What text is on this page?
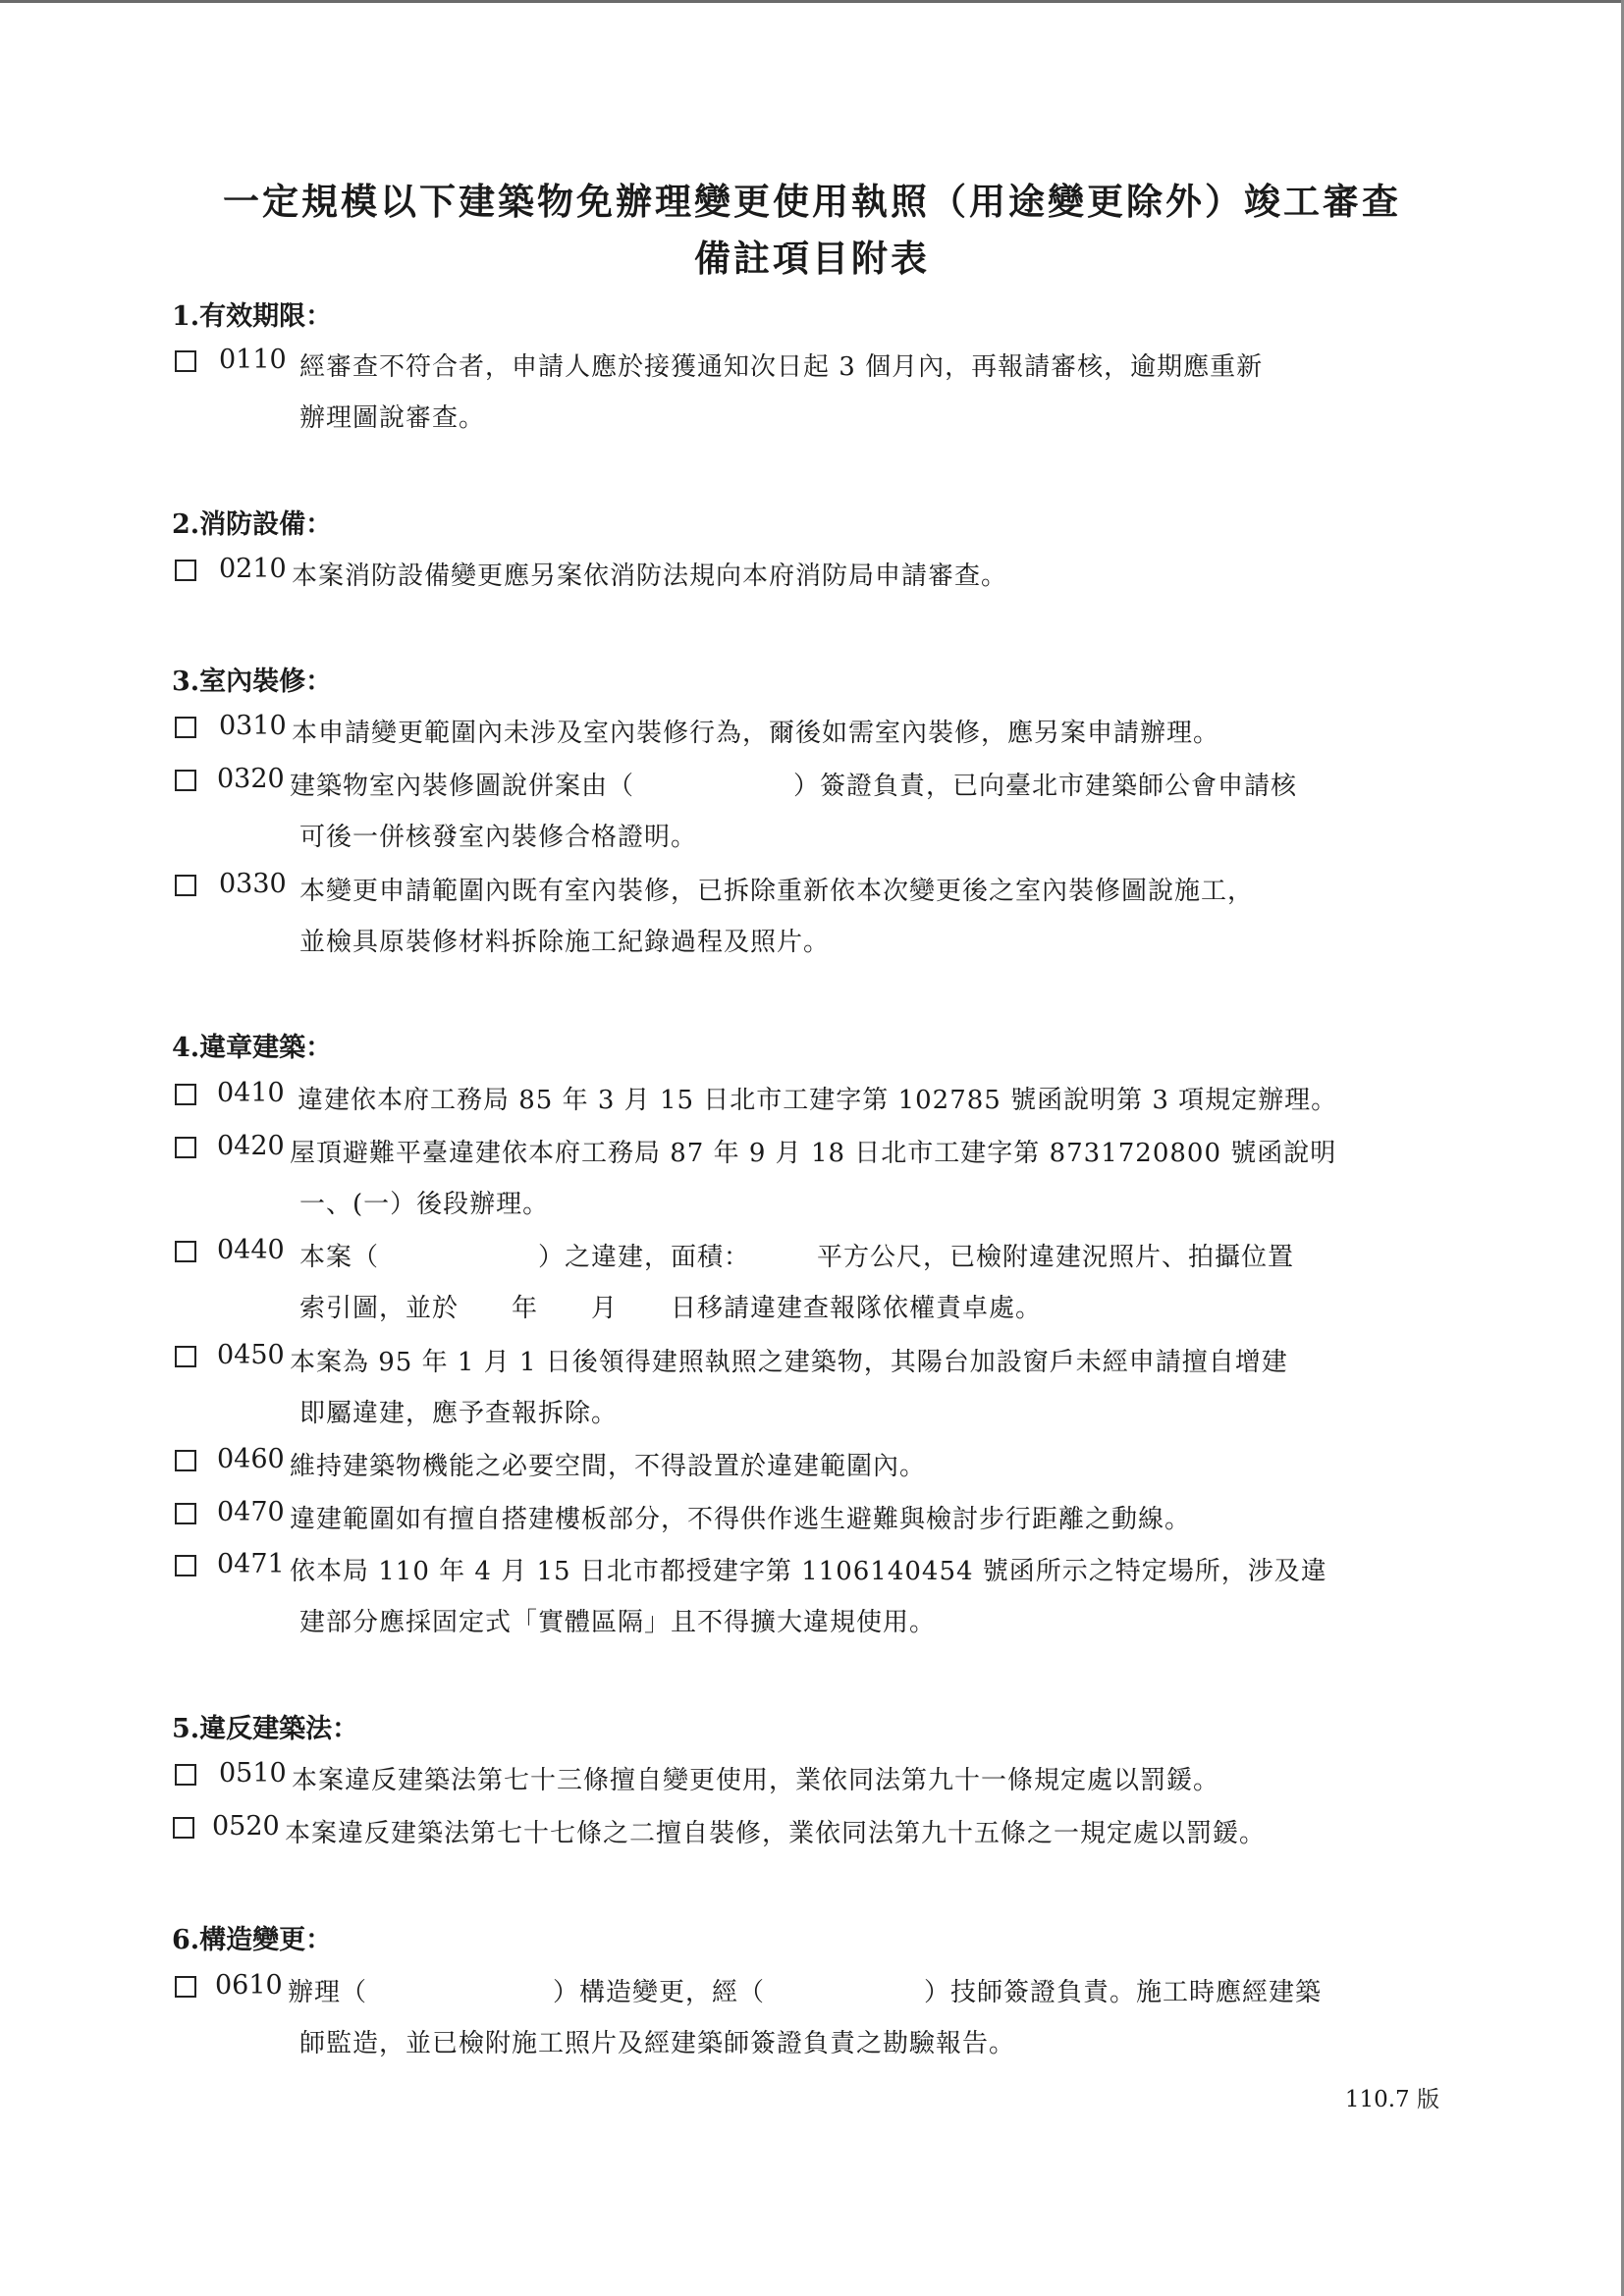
一定規模以下建築物免辦理變更使用執照（用途變更除外）竣工審查
備註項目附表
1.有效期限：
0110 經審查不符合者，申請人應於接獲通知次日起 3 個月內，再報請審核，逾期應重新
辦理圖說審查。
2.消防設備：
0210 本案消防設備變更應另案依消防法規向本府消防局申請審查。
3.室內裝修：
0310 本申請變更範圍內未涉及室內裝修行為，爾後如需室內裝修，應另案申請辦理。
0320 建築物室內裝修圖說併案由（　　　　　　）簽證負責，已向臺北市建築師公會申請核
可後一併核發室內裝修合格證明。
0330 本變更申請範圍內既有室內裝修，已拆除重新依本次變更後之室內裝修圖說施工，
並檢具原裝修材料拆除施工紀錄過程及照片。
4.違章建築：
0410 違建依本府工務局 85 年 3 月 15 日北市工建字第 102785 號函說明第 3 項規定辦理。
0420 屋頂避難平臺違建依本府工務局 87 年 9 月 18 日北市工建字第 8731720800 號函說明
一、(一）後段辦理。
0440 本案（　　　　　　）之違建，面積：　　　平方公尺，已檢附違建況照片、拍攝位置
索引圖，並於　　年　　月　　日移請違建查報隊依權責卓處。
0450 本案為 95 年 1 月 1 日後領得建照執照之建築物，其陽台加設窗戶未經申請擅自增建
即屬違建，應予查報拆除。
0460 維持建築物機能之必要空間，不得設置於違建範圍內。
0470 違建範圍如有擅自搭建樓板部分，不得供作逃生避難與檢討步行距離之動線。
0471 依本局 110 年 4 月 15 日北市都授建字第 1106140454 號函所示之特定場所，涉及違
建部分應採固定式「實體區隔」且不得擴大違規使用。
5.違反建築法：
0510 本案違反建築法第七十三條擅自變更使用，業依同法第九十一條規定處以罰鍰。
0520 本案違反建築法第七十七條之二擅自裝修，業依同法第九十五條之一規定處以罰鍰。
6.構造變更：
0610 辦理（　　　　　　　）構造變更，經（　　　　　　）技師簽證負責。施工時應經建築
師監造，並已檢附施工照片及經建築師簽證負責之勘驗報告。
110.7 版
